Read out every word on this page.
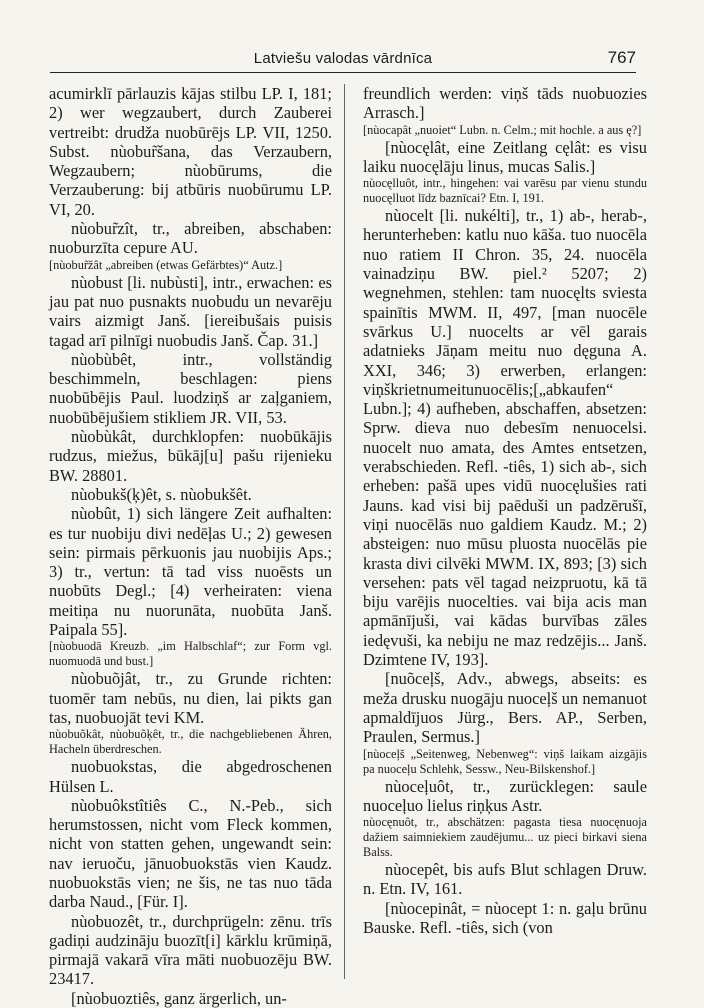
Latviešu valodas vārdnīca	767

acumirklī pārlauzis kājas stilbu LP. I, 181; 2) wer wegzaubert, durch Zauberei vertreibt: drudža nuobūrējs LP. VII, 1250. Subst. nùobur̃šana, das Verzaubern, Wegzaubern; nùobūrums, die Verzauberung: bij atbūris nuobūrumu LP. VI, 20.

nùobur̃zît, tr., abreiben, abschaben: nuoburzīta cepure AU.

[nùobur̃žât „abreiben (etwas Gefärbtes)“ Autz.]

nùobust [li. nubùsti], intr., erwachen: es jau pat nuo pusnakts nuobudu un nevarēju vairs aizmigt Janš. [iereibušais puisis tagad arī pilnīgi nuobudis Janš. Čap. 31.]

nùobùbêt, intr., vollständig beschimmeln, beschlagen: piens nuobūbējis Paul. luodziņš ar zaļganiem, nuobūbējušiem stikliem JR. VII, 53.

nùobùkât, durchklopfen: nuobūkājis rudzus, miežus, būkāj[u] pašu rijenieku BW. 28801.

nùobukš(ķ)êt, s. nùobukšêt.

nùobût, 1) sich längere Zeit aufhalten: es tur nuobiju divi nedēļas U.; 2) gewesen sein: pirmais pērkuonis jau nuobijis Aps.; 3) tr., vertun: tā tad viss nuoēsts un nuobūts Degl.; [4) verheiraten: viena meitiņa nu nuorunāta, nuobūta Janš. Paipala 55].

[nùobuodā Kreuzb. „im Halbschlaf“; zur Form vgl. nuomuodā und bust.]

nùobuõjât, tr., zu Grunde richten: tuomēr tam nebūs, nu dien, lai pikts gan tas, nuobuojāt tevi KM.

nùobuõkât, nùobuõķêt, tr., die nachgebliebenen Ähren, Hacheln überdreschen.

nuobuokstas, die abgedroschenen Hülsen L.

nùobuôkstîtiês C., N.-Peb., sich herumstossen, nicht vom Fleck kommen, nicht von statten gehen, ungewandt sein: nav ieruoču, jānuobuokstās vien Kaudz. nuobuokstās vien; ne šis, ne tas nuo tāda darba Naud., [Für. I].

nùobuozêt, tr., durchprügeln: zēnu. trīs gadiņi audzināju buozīt[i] kārklu krūmiņā, pirmajā vakarā vīra māti nuobuozēju BW. 23417.

[nùobuoztiês, ganz ärgerlich, un-

freundlich werden: viņš tāds nuobuozies Arrasch.]

[nùocapât „nuoiet“ Lubn. n. Celm.; mit hochle. a aus ę?]

[nùocęlât, eine Zeitlang cęlât: es visu laiku nuocęlāju linus, mucas Salis.]

nùocęlluôt, intr., hingehen: vai varēsu par vienu stundu nuocęlluot līdz baznīcai? Etn. I, 191.

nùocelt [li. nukélti], tr., 1) ab-, herab-, herunterheben: katlu nuo kāša. tuo nuocēla nuo ratiem II Chron. 35, 24. nuocēla vainadziņu BW. piel.² 5207; 2) wegnehmen, stehlen: tam nuocęlts sviesta spainītis MWM. II, 497, [man nuocēle svārkus U.] nuocelts ar vēl garais adatnieks Jāņam meitu nuo dęguna A. XXI, 346; 3) erwerben, erlangen: viņškrietnumeitunuocēlis;[„abkaufen“ Lubn.]; 4) aufheben, abschaffen, absetzen: Sprw. dieva nuo debesīm nenuocelsi. nuocelt nuo amata, des Amtes entsetzen, verabschieden. Refl. -tiês, 1) sich ab-, sich erheben: pašā upes vidū nuocęlušies rati Jauns. kad visi bij paēduši un padzērušī, viņi nuocēlās nuo galdiem Kaudz. M.; 2) absteigen: nuo mūsu pluosta nuocēlās pie krasta divi cilvēki MWM. IX, 893; [3) sich versehen: pats vēl tagad neizpruotu, kā tā biju varējis nuocelties. vai bija acis man apmānījuši, vai kādas burvības zāles iedęvuši, ka nebiju ne maz redzējis... Janš. Dzimtene IV, 193].

[nuõceļš, Adv., abwegs, abseits: es meža drusku nuogāju nuoceļš un nemanuot apmaldījuos Jürg., Bers. AP., Serben, Praulen, Sermus.]

[nùoceļš „Seitenweg, Nebenweg“: viņš laikam aizgājis pa nuoceļu Schlehk, Sessw., Neu-Bilskenshof.]

nùoceļuôt, tr., zurücklegen: saule nuoceļuo lielus riņķus Astr.

nùocęnuôt, tr., abschätzen: pagasta tiesa nuocęnuoja dažiem saimniekiem zaudējumu... uz pieci birkavi siena Balss.

nùocepêt, bis aufs Blut schlagen Druw. n. Etn. IV, 161.

[nùocepinât, = nùocept 1: n. gaļu brūnu Bauske. Refl. -tiês, sich (von
